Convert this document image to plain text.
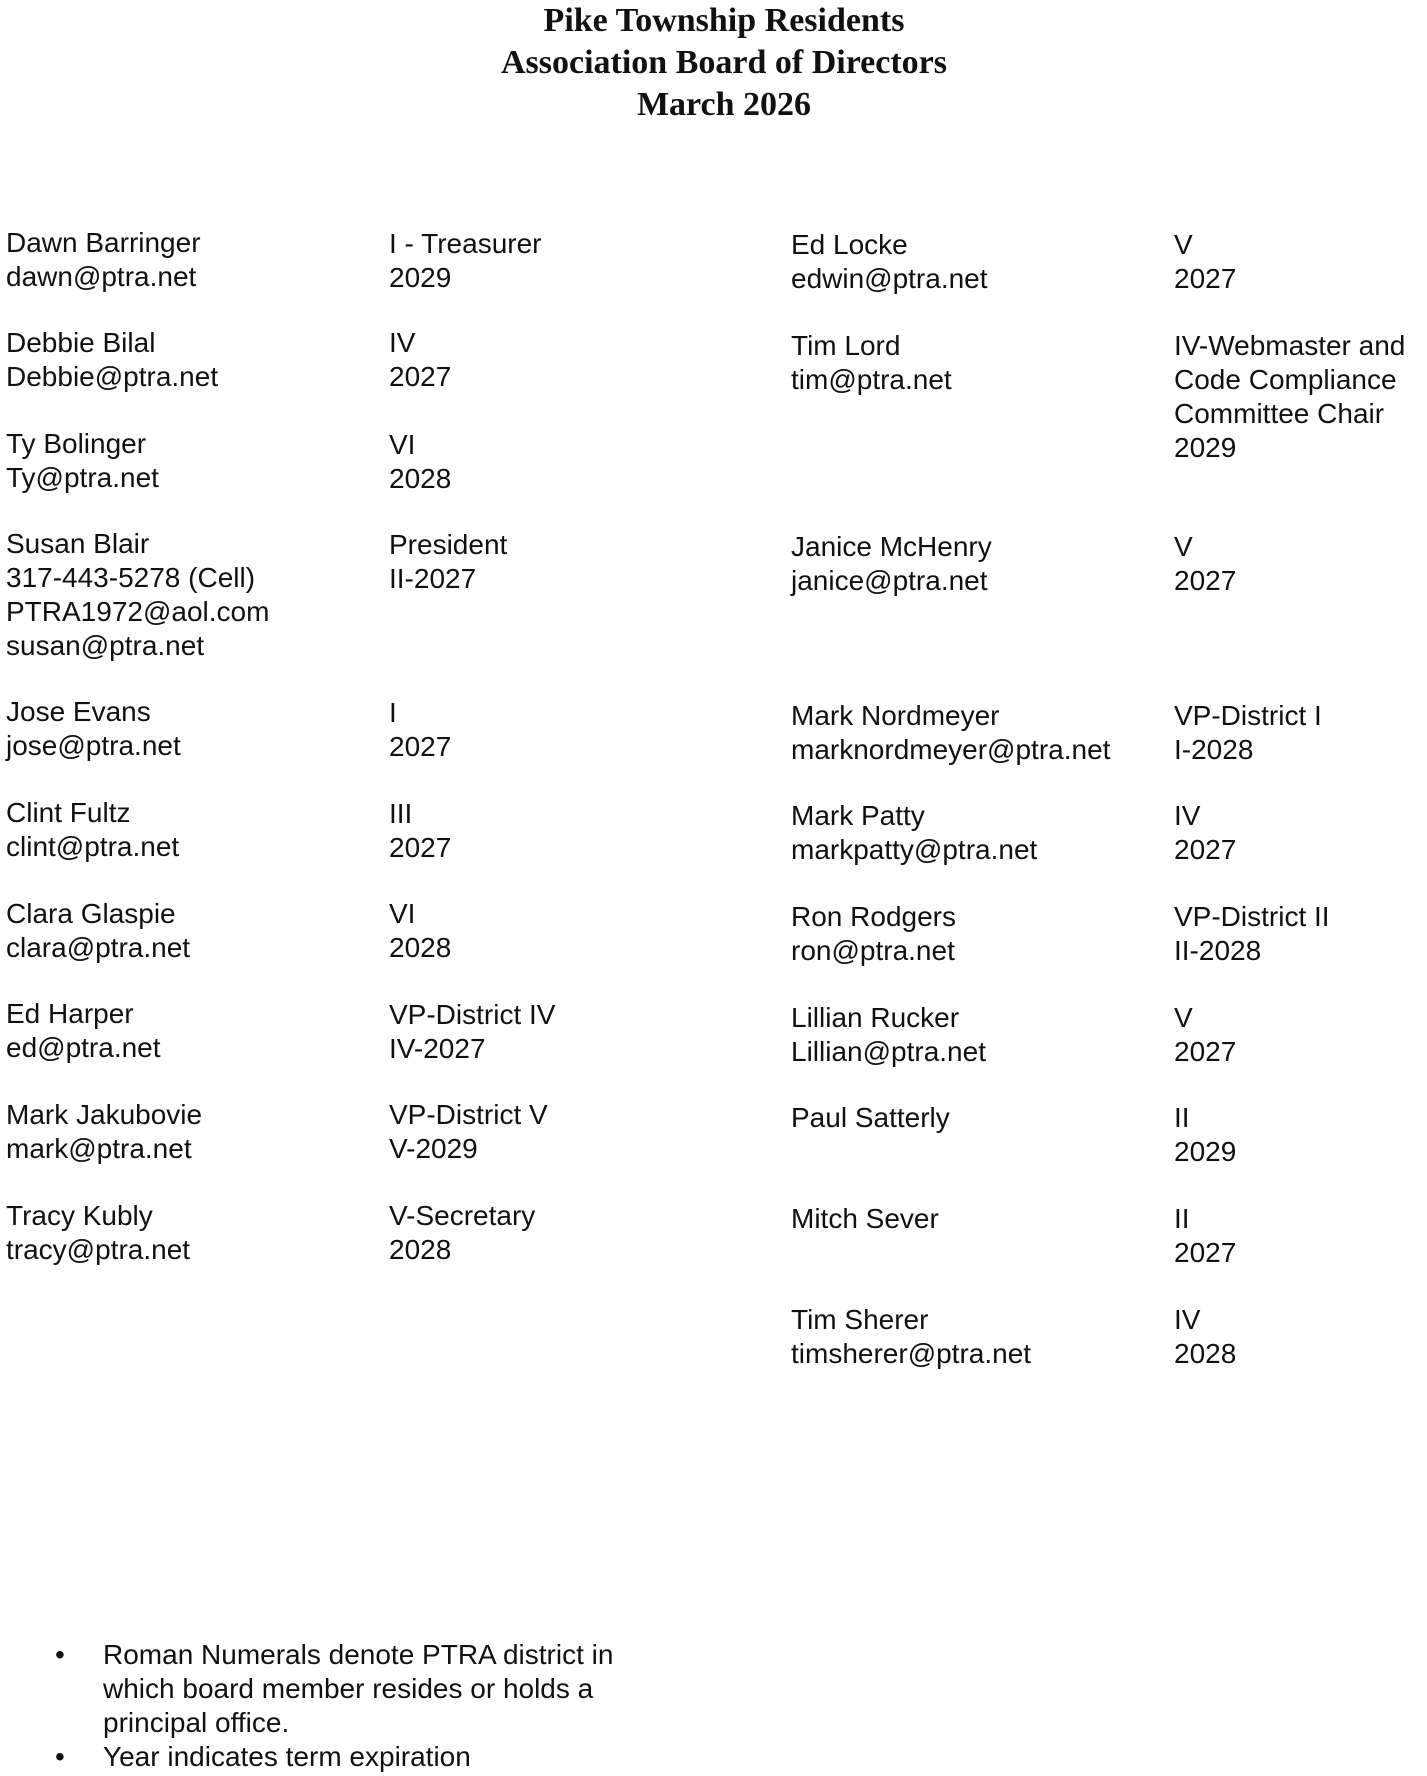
Pike Township Residents
Association Board of Directors
March 2026
Dawn Barringer
dawn@ptra.net
I - Treasurer
2029
Debbie Bilal
Debbie@ptra.net
IV
2027
Ty Bolinger
Ty@ptra.net
VI
2028
Susan Blair
317-443-5278 (Cell)
PTRA1972@aol.com
susan@ptra.net
President
II-2027
Jose Evans
jose@ptra.net
I
2027
Clint Fultz
clint@ptra.net
III
2027
Clara Glaspie
clara@ptra.net
VI
2028
Ed Harper
ed@ptra.net
VP-District IV
IV-2027
Mark Jakubovie
mark@ptra.net
VP-District V
V-2029
Tracy Kubly
tracy@ptra.net
V-Secretary
2028
Ed Locke
edwin@ptra.net
V
2027
Tim Lord
tim@ptra.net
IV-Webmaster and
Code Compliance
Committee Chair
2029
Janice McHenry
janice@ptra.net
V
2027
Mark Nordmeyer
marknordmeyer@ptra.net
VP-District I
I-2028
Mark Patty
markpatty@ptra.net
IV
2027
Ron Rodgers
ron@ptra.net
VP-District II
II-2028
Lillian Rucker
Lillian@ptra.net
V
2027
Paul Satterly	II
2029
Mitch Sever	II
2027
Tim Sherer
timsherer@ptra.net
IV
2028
• Roman Numerals denote PTRA district in which board member resides or holds a principal office.
• Year indicates term expiration
